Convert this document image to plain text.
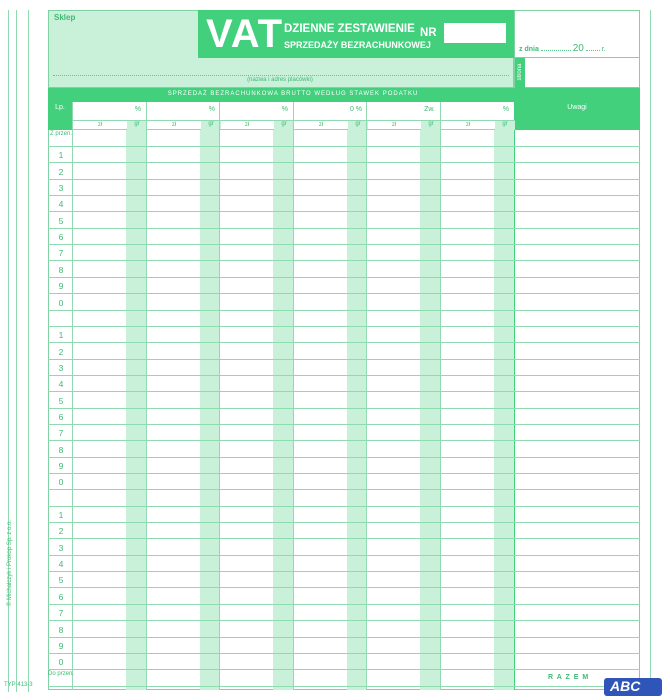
© Michalczyk i Prokop Sp. z o.o.
TYP 413-3
Sklep
(nazwa i adres placówki)
VAT DZIENNE ZESTAWIENIE
SPRZEDAŻY BEZRACHUNKOWEJ
NR
z dnia	20	r.
strona
Lp.
SPRZEDAŻ BEZRACHUNKOWA BRUTTO WEDŁUG STAWEK PODATKU
Uwagi
%
zł	gr
%
zł	gr
%
zł	gr
0 %
zł	gr
Zw.
zł	gr
%
zł	gr
Z przen.
1
2
3
4
5
6
7
8
9
0
1
2
3
4
5
6
7
8
9
0
1
2
3
4
5
6
7
8
9
0
Do przen.	R A Z E M
ABC
